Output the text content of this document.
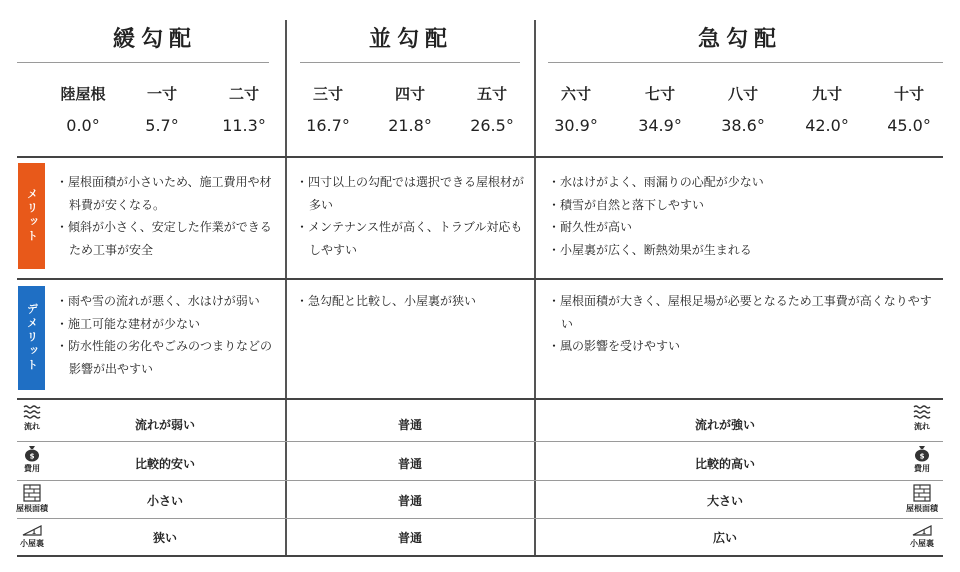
緩勾配	並勾配	急勾配
陸屋根	一寸	二寸	三寸	四寸	五寸	六寸	七寸	八寸	九寸	十寸
0.0°	5.7°	11.3°	16.7°	21.8°	26.5°	30.9°	34.9°	38.6°	42.0°	45.0°
メリット
・ 屋根面積が小さいため、施工費用や材料費が安くなる。
・ 傾斜が小さく、安定した作業ができるため工事が安全
・ 四寸以上の勾配では選択できる屋根材が多い
・ メンテナンス性が高く、トラブル対応もしやすい
・ 水はけがよく、雨漏りの心配が少ない
・ 積雪が自然と落下しやすい
・ 耐久性が高い
・ 小屋裏が広く、断熱効果が生まれる
デメリット
・ 雨や雪の流れが悪く、水はけが弱い
・ 施工可能な建材が少ない
・ 防水性能の劣化やごみのつまりなどの影響が出やすい
・ 急勾配と比較し、小屋裏が狭い
・	屋根面積が大きく、屋根足場が必要となるため工事費が高くなりやすい
・ 風の影響を受けやすい
流れ
$
費用
屋根面積
1
小屋裏
流れ
$
費用
屋根面積
1
小屋裏
流れが弱い	普通	流れが強い
比較的安い	普通	比較的高い
小さい	普通	大さい
狭い	普通	広い
